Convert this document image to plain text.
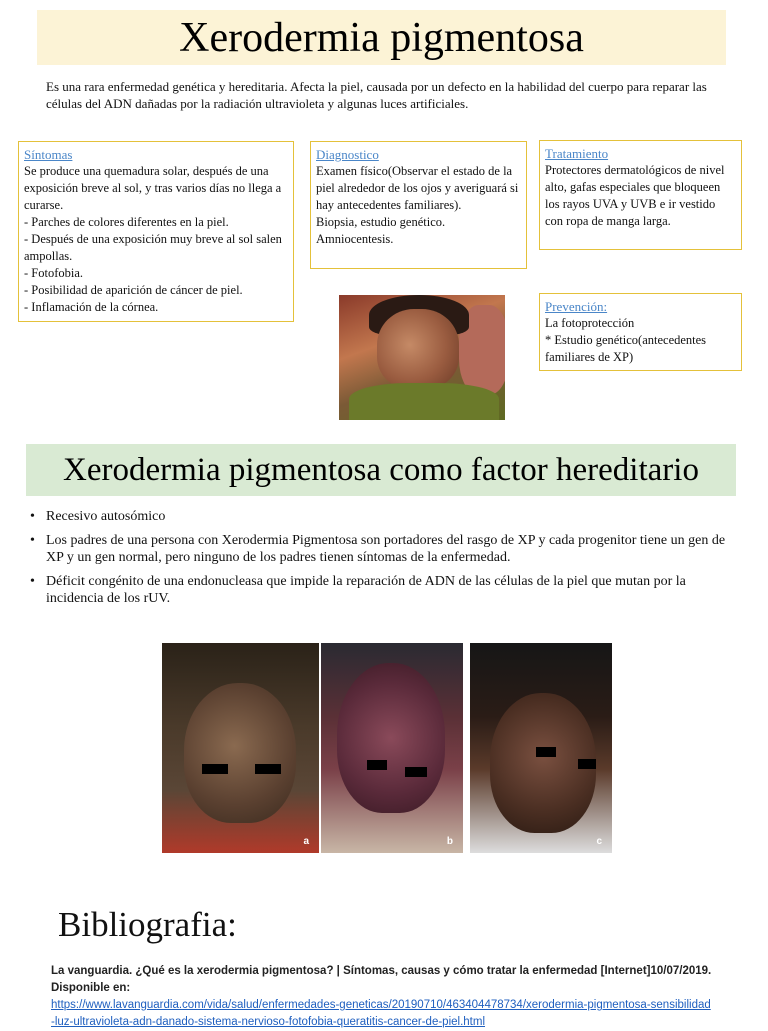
Xerodermia pigmentosa

Es una rara enfermedad genética y hereditaria. Afecta la piel, causada por un defecto en la habilidad del cuerpo para reparar las células del ADN dañadas por la radiación ultravioleta y algunas luces artificiales.

Síntomas

Se produce una quemadura solar, después de una exposición breve al sol, y tras varios días no llega a curarse.
- Parches de colores diferentes en la piel.
- Después de una exposición muy breve al sol salen ampollas.
- Fotofobia.
- Posibilidad de aparición de cáncer de piel.
- Inflamación de la córnea.

Diagnostico

Examen físico(Observar el estado de la piel alrededor de los ojos y averiguará si hay antecedentes familiares).
Biopsia, estudio genético.
Amniocentesis.

Tratamiento

Protectores dermatológicos de nivel alto, gafas especiales que bloqueen los rayos UVA y UVB e ir vestido con ropa de manga larga.

Prevención:

La fotoprotección
* Estudio genético(antecedentes familiares de XP)

Xerodermia pigmentosa como factor hereditario
• Recesivo autosómico
• Los padres de una persona con Xerodermia Pigmentosa son portadores del rasgo de XP y cada progenitor tiene un gen de XP y un gen normal, pero ninguno de los padres tienen síntomas de la enfermedad.
• Déficit congénito de una endonucleasa que impide la reparación de ADN de las células de la piel que mutan por la incidencia de los rUV.
a	b	c
Bibliografia:

La vanguardia. ¿Qué es la xerodermia pigmentosa? | Síntomas, causas y cómo tratar la enfermedad [Internet]10/07/2019. Disponible en:

https://www.lavanguardia.com/vida/salud/enfermedades-geneticas/20190710/463404478734/xerodermia-pigmentosa-sensibilidad-luz-ultravioleta-adn-danado-sistema-nervioso-fotofobia-queratitis-cancer-de-piel.html
